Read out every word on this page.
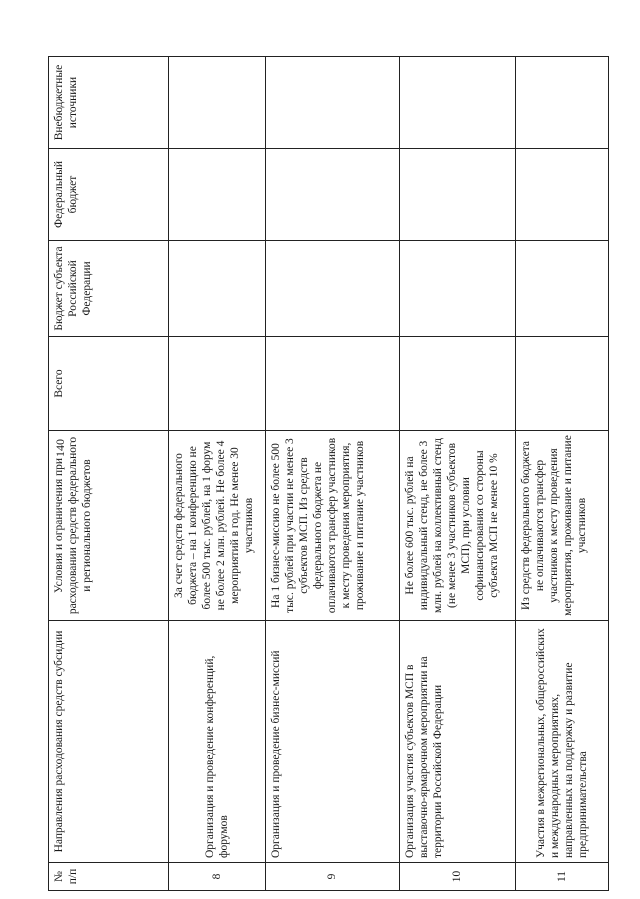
140
№ п/п	Направления расходования средств субсидии	Условия и ограничения при расходовании средств федерального и регионального бюджетов	Всего	Бюджет субъекта Российской Федерации	Федеральный бюджет	Внебюджетные источники
8	Организация и проведение конференций, форумов	За счет средств федерального бюджета – на 1 конференцию не более 500 тыс. рублей, на 1 форум не более 2 млн. рублей. Не более 4 мероприятий в год. Не менее 30 участников				
9	Организация и проведение бизнес-миссий	На 1 бизнес-миссию не более 500 тыс. рублей при участии не менее 3 субъектов МСП. Из средств федерального бюджета не оплачиваются трансфер участников к месту проведения мероприятия, проживание и питание участников				
10	Организация участия субъектов МСП в выставочно-ярмарочном мероприятии на территории Российской Федерации	Не более 600 тыс. рублей на индивидуальный стенд, не более 3 млн. рублей на коллективный стенд (не менее 3 участников субъектов МСП), при условии софинансирования со стороны субъекта МСП не менее 10 %				
11	Участия в межрегиональных, общероссийских и международных мероприятиях, направленных на поддержку и развитие предпринимательства	Из средств федерального бюджета не оплачиваются трансфер участников к месту проведения мероприятия, проживание и питание участников				
